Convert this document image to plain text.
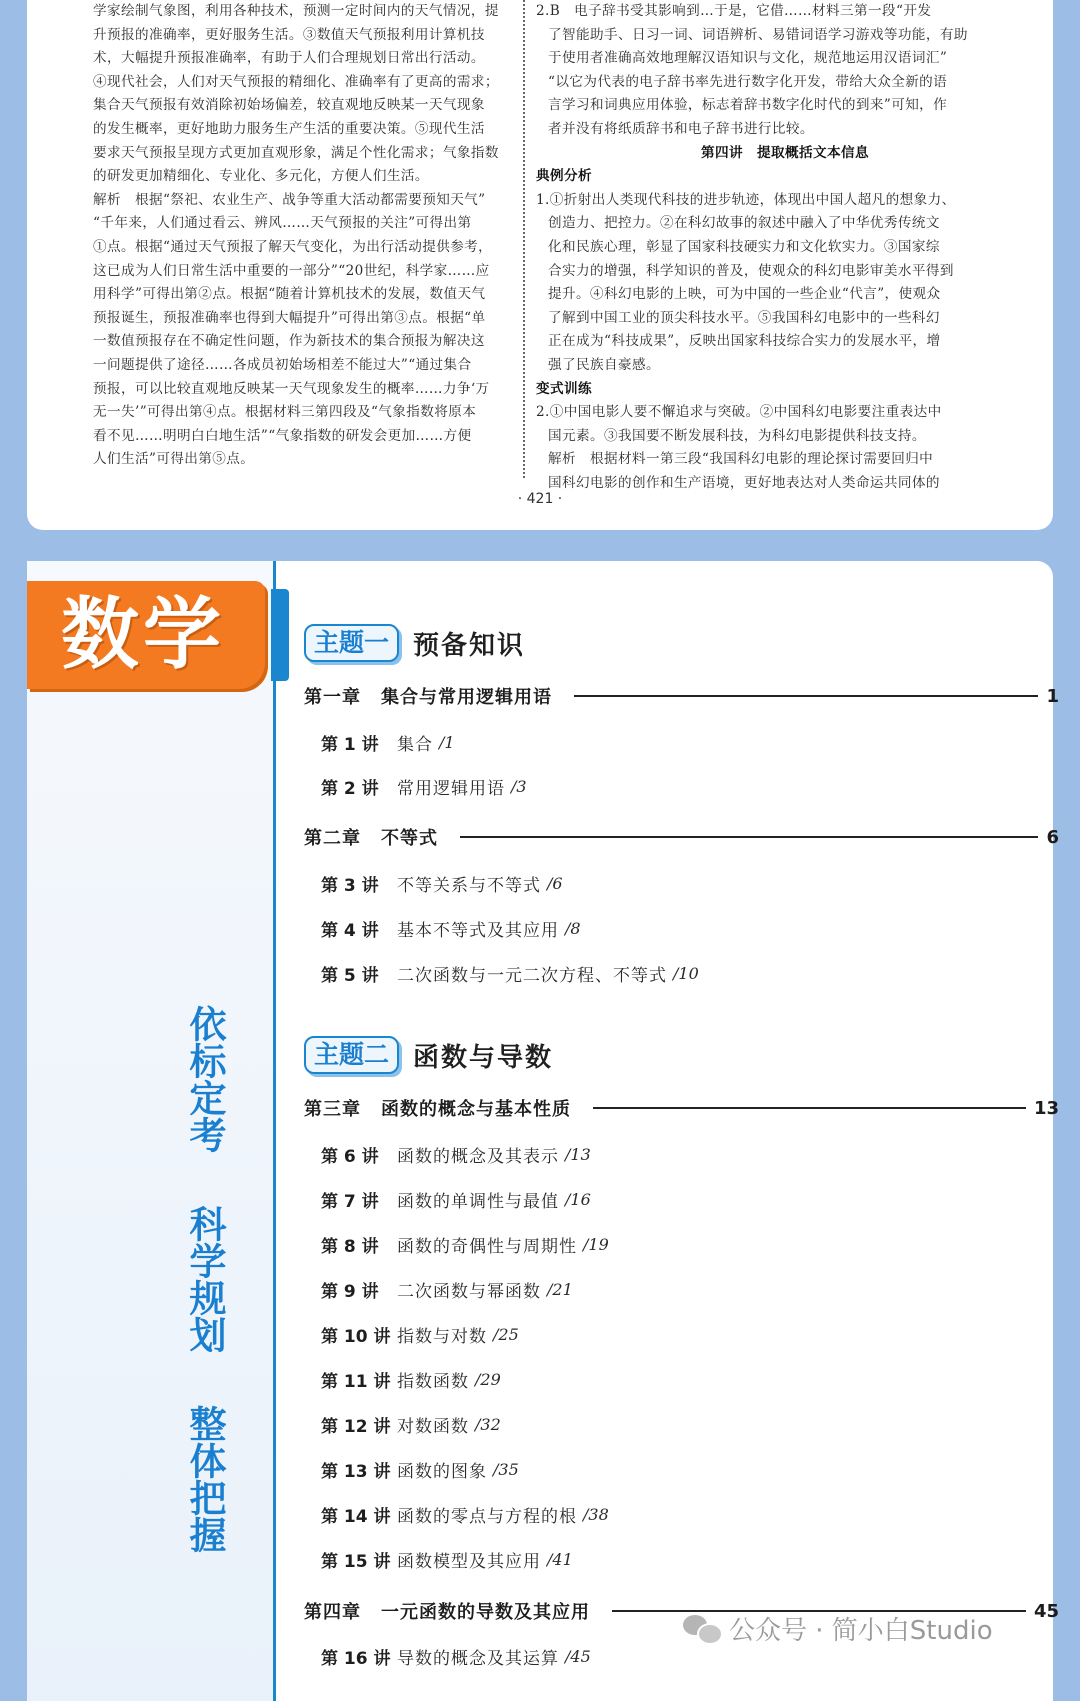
学家绘制气象图，利用各种技术，预测一定时间内的天气情况，提

升预报的准确率，更好服务生活。③数值天气预报利用计算机技

术，大幅提升预报准确率，有助于人们合理规划日常出行活动。

④现代社会，人们对天气预报的精细化、准确率有了更高的需求；

集合天气预报有效消除初始场偏差，较直观地反映某一天气现象

的发生概率，更好地助力服务生产生活的重要决策。⑤现代生活

要求天气预报呈现方式更加直观形象，满足个性化需求；气象指数

的研发更加精细化、专业化、多元化，方便人们生活。

解析　根据“祭祀、农业生产、战争等重大活动都需要预知天气”

“千年来，人们通过看云、辨风……天气预报的关注”可得出第

①点。根据“通过天气预报了解天气变化，为出行活动提供参考，

这已成为人们日常生活中重要的一部分”“20世纪，科学家……应

用科学”可得出第②点。根据“随着计算机技术的发展，数值天气

预报诞生，预报准确率也得到大幅提升”可得出第③点。根据“单

一数值预报存在不确定性问题，作为新技术的集合预报为解决这

一问题提供了途径……各成员初始场相差不能过大”“通过集合

预报，可以比较直观地反映某一天气现象发生的概率……力争‘万

无一失’”可得出第④点。根据材料三第四段及“气象指数将原本

看不见……明明白白地生活”“气象指数的研发会更加……方便

人们生活”可得出第⑤点。

2.B　电子辞书受其影响到…于是，它借……材料三第一段“开发

了智能助手、日习一词、词语辨析、易错词语学习游戏等功能，有助

于使用者准确高效地理解汉语知识与文化，规范地运用汉语词汇”

“以它为代表的电子辞书率先进行数字化开发，带给大众全新的语

言学习和词典应用体验，标志着辞书数字化时代的到来”可知，作

者并没有将纸质辞书和电子辞书进行比较。

第四讲　提取概括文本信息

典例分析

1.①折射出人类现代科技的进步轨迹，体现出中国人超凡的想象力、

创造力、把控力。②在科幻故事的叙述中融入了中华优秀传统文

化和民族心理，彰显了国家科技硬实力和文化软实力。③国家综

合实力的增强，科学知识的普及，使观众的科幻电影审美水平得到

提升。④科幻电影的上映，可为中国的一些企业“代言”，使观众

了解到中国工业的顶尖科技水平。⑤我国科幻电影中的一些科幻

正在成为“科技成果”，反映出国家科技综合实力的发展水平，增

强了民族自豪感。

变式训练

2.①中国电影人要不懈追求与突破。②中国科幻电影要注重表达中

国元素。③我国要不断发展科技，为科幻电影提供科技支持。

解析　根据材料一第三段“我国科幻电影的理论探讨需要回归中

国科幻电影的创作和生产语境，更好地表达对人类命运共同体的

· 421 ·
数学
依标定考
科学规划
整体把握
主题一 预备知识
第一章 集合与常用逻辑用语	1
第 1 讲	集合 /1
第 2 讲	常用逻辑用语 /3
第二章 不等式	6
第 3 讲	不等关系与不等式 /6
第 4 讲	基本不等式及其应用 /8
第 5 讲	二次函数与一元二次方程、不等式 /10
主题二 函数与导数
第三章 函数的概念与基本性质	13
第 6 讲	函数的概念及其表示 /13
第 7 讲	函数的单调性与最值 /16
第 8 讲	函数的奇偶性与周期性 /19
第 9 讲	二次函数与幂函数 /21
第 10 讲 指数与对数 /25
第 11 讲 指数函数 /29
第 12 讲 对数函数 /32
第 13 讲 函数的图象 /35
第 14 讲 函数的零点与方程的根 /38
第 15 讲 函数模型及其应用 /41
第四章 一元函数的导数及其应用	45
第 16 讲 导数的概念及其运算 /45
公众号 · 简小白Studio
